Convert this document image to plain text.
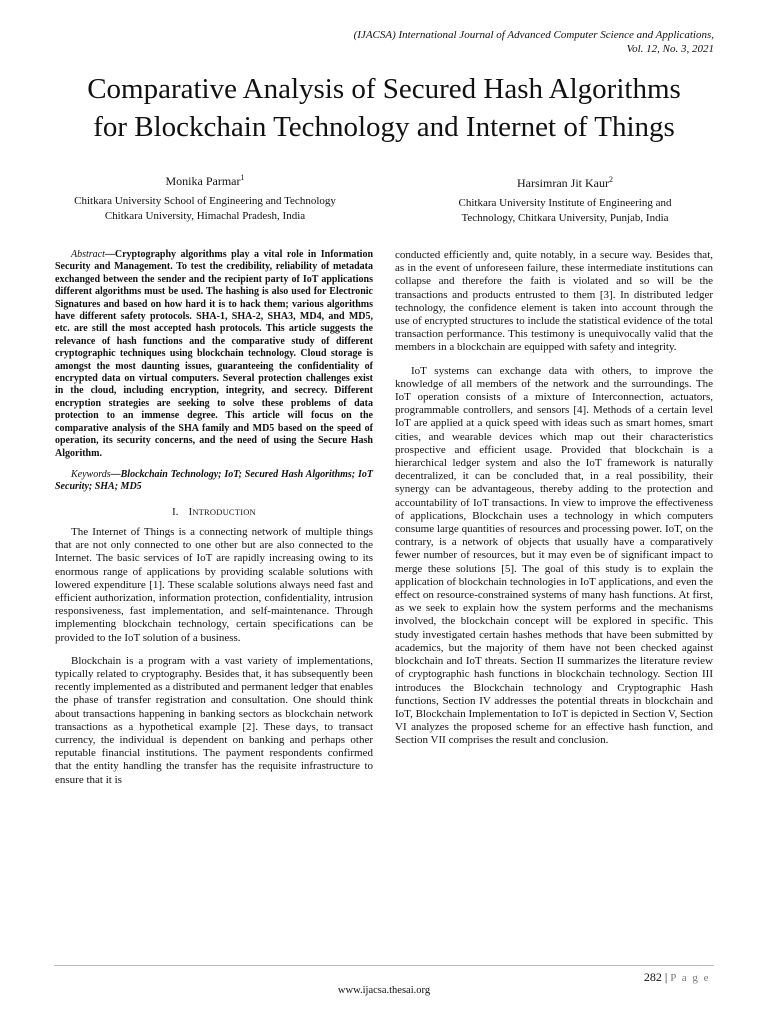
(IJACSA) International Journal of Advanced Computer Science and Applications,
Vol. 12, No. 3, 2021
Comparative Analysis of Secured Hash Algorithms
for Blockchain Technology and Internet of Things
Monika Parmar$^1$
Chitkara University School of Engineering and Technology
Chitkara University, Himachal Pradesh, India
Harsimran Jit Kaur$^2$
Chitkara University Institute of Engineering and
Technology, Chitkara University, Punjab, India

Abstract—Cryptography algorithms play a vital role in Information Security and Management. To test the credibility, reliability of metadata exchanged between the sender and the recipient party of IoT applications different algorithms must be used. The hashing is also used for Electronic Signatures and based on how hard it is to hack them; various algorithms have different safety protocols. SHA-1, SHA-2, SHA3, MD4, and MD5, etc. are still the most accepted hash protocols. This article suggests the relevance of hash functions and the comparative study of different cryptographic techniques using blockchain technology. Cloud storage is amongst the most daunting issues, guaranteeing the confidentiality of encrypted data on virtual computers. Several protection challenges exist in the cloud, including encryption, integrity, and secrecy. Different encryption strategies are seeking to solve these problems of data protection to an immense degree. This article will focus on the comparative analysis of the SHA family and MD5 based on the speed of operation, its security concerns, and the need of using the Secure Hash Algorithm.

Keywords—Blockchain Technology; IoT; Secured Hash Algorithms; IoT Security; SHA; MD5

I. INTRODUCTION

The Internet of Things is a connecting network of multiple things that are not only connected to one other but are also connected to the Internet. The basic services of IoT are rapidly increasing owing to its enormous range of applications by providing scalable solutions with lowered expenditure [1]. These scalable solutions always need fast and efficient authorization, information protection, confidentiality, intrusion responsiveness, fast implementation, and self-maintenance. Through implementing blockchain technology, certain specifications can be provided to the IoT solution of a business.

Blockchain is a program with a vast variety of implementations, typically related to cryptography. Besides that, it has subsequently been recently implemented as a distributed and permanent ledger that enables the phase of transfer registration and consultation. One should think about transactions happening in banking sectors as blockchain network transactions as a hypothetical example [2]. These days, to transact currency, the individual is dependent on banking and perhaps other reputable financial institutions. The payment respondents confirmed that the entity handling the transfer has the requisite infrastructure to ensure that it is

conducted efficiently and, quite notably, in a secure way. Besides that, as in the event of unforeseen failure, these intermediate institutions can collapse and therefore the faith is violated and so will be the transactions and products entrusted to them [3]. In distributed ledger technology, the confidence element is taken into account through the use of encrypted structures to include the statistical evidence of the total transaction performance. This testimony is unequivocally valid that the members in a blockchain are equipped with safety and integrity.

IoT systems can exchange data with others, to improve the knowledge of all members of the network and the surroundings. The IoT operation consists of a mixture of Interconnection, actuators, programmable controllers, and sensors [4]. Methods of a certain level IoT are applied at a quick speed with ideas such as smart homes, smart cities, and wearable devices which map out their characteristics prospective and efficient usage. Provided that blockchain is a hierarchical ledger system and also the IoT framework is naturally decentralized, it can be concluded that, in a real possibility, their synergy can be advantageous, thereby adding to the protection and accountability of IoT transactions. In view to improve the effectiveness of applications, Blockchain uses a technology in which computers consume large quantities of resources and processing power. IoT, on the contrary, is a network of objects that usually have a comparatively fewer number of resources, but it may even be of significant impact to merge these solutions [5]. The goal of this study is to explain the application of blockchain technologies in IoT applications, and even the effect on resource-constrained systems of many hash functions. At first, as we seek to explain how the system performs and the mechanisms involved, the blockchain concept will be explored in specific. This study investigated certain hashes methods that have been submitted by academics, but the majority of them have not been checked against blockchain and IoT threats. Section II summarizes the literature review of cryptographic hash functions in blockchain technology. Section III introduces the Blockchain technology and Cryptographic Hash functions, Section IV addresses the potential threats in blockchain and IoT, Blockchain Implementation to IoT is depicted in Section V, Section VI analyzes the proposed scheme for an effective hash function, and Section VII comprises the result and conclusion.

282 | P a g e
www.ijacsa.thesai.org
